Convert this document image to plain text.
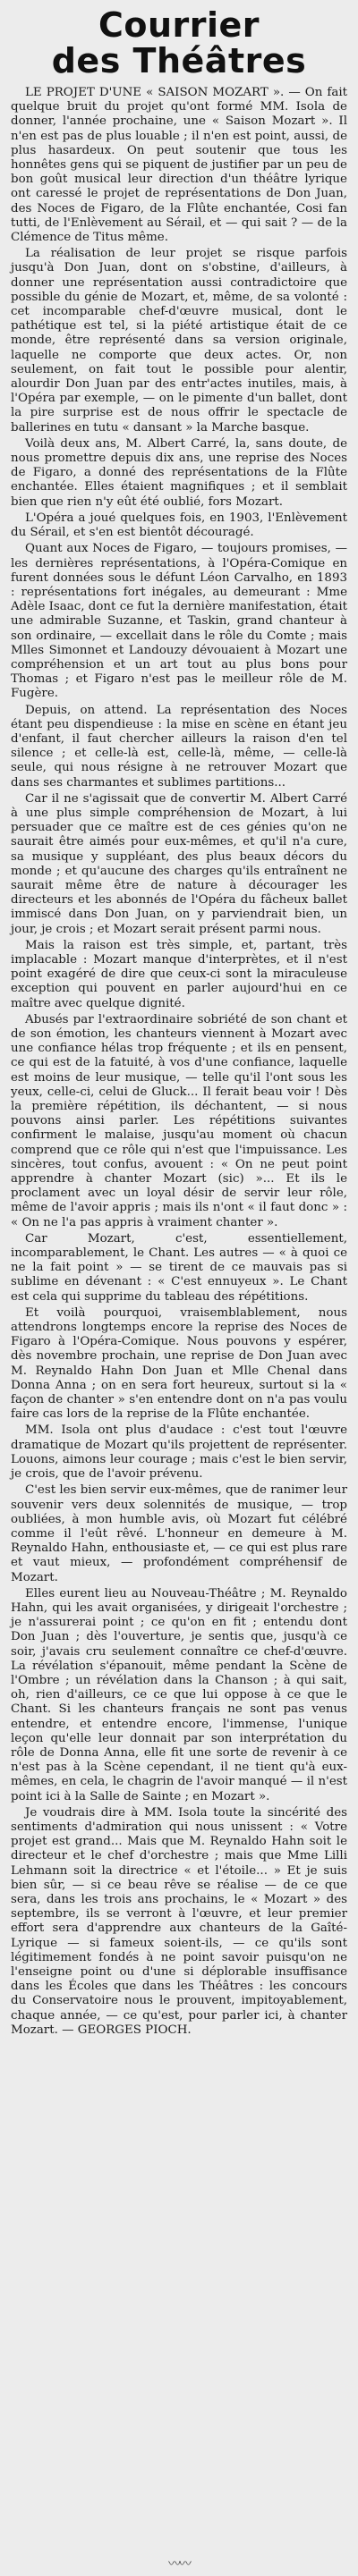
Courrier
des Théâtres

LE PROJET D'UNE « SAISON MOZART ». — On fait quelque bruit du projet qu'ont formé MM. Isola de donner, l'année prochaine, une « Saison Mozart ». Il n'en est pas de plus louable ; il n'en est point, aussi, de plus hasardeux. On peut soutenir que tous les honnêtes gens qui se piquent de justifier par un peu de bon goût musical leur direction d'un théâtre lyrique ont caressé le projet de représentations de Don Juan, des Noces de Figaro, de la Flûte enchantée, Cosi fan tutti, de l'Enlèvement au Sérail, et — qui sait ? — de la Clémence de Titus même.

La réalisation de leur projet se risque parfois jusqu'à Don Juan, dont on s'obstine, d'ailleurs, à donner une représentation aussi contradictoire que possible du génie de Mozart, et, même, de sa volonté : cet incomparable chef-d'œuvre musical, dont le pathétique est tel, si la piété artistique était de ce monde, être représenté dans sa version originale, laquelle ne comporte que deux actes. Or, non seulement, on fait tout le possible pour alentir, alourdir Don Juan par des entr'actes inutiles, mais, à l'Opéra par exemple, — on le pimente d'un ballet, dont la pire surprise est de nous offrir le spectacle de ballerines en tutu « dansant » la Marche basque.

Voilà deux ans, M. Albert Carré, la, sans doute, de nous promettre depuis dix ans, une reprise des Noces de Figaro, a donné des représentations de la Flûte enchantée. Elles étaient magnifiques ; et il semblait bien que rien n'y eût été oublié, fors Mozart.

L'Opéra a joué quelques fois, en 1903, l'Enlèvement du Sérail, et s'en est bientôt découragé.

Quant aux Noces de Figaro, — toujours promises, — les dernières représentations, à l'Opéra-Comique en furent données sous le défunt Léon Carvalho, en 1893 : représentations fort inégales, au demeurant : Mme Adèle Isaac, dont ce fut la dernière manifestation, était une admirable Suzanne, et Taskin, grand chanteur à son ordinaire, — excellait dans le rôle du Comte ; mais Mlles Simonnet et Landouzy dévouaient à Mozart une compréhension et un art tout au plus bons pour Thomas ; et Figaro n'est pas le meilleur rôle de M. Fugère.

Depuis, on attend. La représentation des Noces étant peu dispendieuse : la mise en scène en étant jeu d'enfant, il faut chercher ailleurs la raison d'en tel silence ; et celle-là est, celle-là, même, — celle-là seule, qui nous résigne à ne retrouver Mozart que dans ses charmantes et sublimes partitions...

Car il ne s'agissait que de convertir M. Albert Carré à une plus simple compréhension de Mozart, à lui persuader que ce maître est de ces génies qu'on ne saurait être aimés pour eux-mêmes, et qu'il n'a cure, sa musique y suppléant, des plus beaux décors du monde ; et qu'aucune des charges qu'ils entraînent ne saurait même être de nature à décourager les directeurs et les abonnés de l'Opéra du fâcheux ballet immiscé dans Don Juan, on y parviendrait bien, un jour, je crois ; et Mozart serait présent parmi nous.

Mais la raison est très simple, et, partant, très implacable : Mozart manque d'interprètes, et il n'est point exagéré de dire que ceux-ci sont la miraculeuse exception qui pouvent en parler aujourd'hui en ce maître avec quelque dignité.

Abusés par l'extraordinaire sobriété de son chant et de son émotion, les chanteurs viennent à Mozart avec une confiance hélas trop fréquente ; et ils en pensent, ce qui est de la fatuité, à vos d'une confiance, laquelle est moins de leur musique, — telle qu'il l'ont sous les yeux, celle-ci, celui de Gluck... Il ferait beau voir ! Dès la première répétition, ils déchantent, — si nous pouvons ainsi parler. Les répétitions suivantes confirment le malaise, jusqu'au moment où chacun comprend que ce rôle qui n'est que l'impuissance. Les sincères, tout confus, avouent : « On ne peut point apprendre à chanter Mozart (sic) »... Et ils le proclament avec un loyal désir de servir leur rôle, même de l'avoir appris ; mais ils n'ont « il faut donc » : « On ne l'a pas appris à vraiment chanter ».

Car Mozart, c'est, essentiellement, incomparablement, le Chant. Les autres — « à quoi ce ne la fait point » — se tirent de ce mauvais pas si sublime en dévenant : « C'est ennuyeux ». Le Chant est cela qui supprime du tableau des répétitions.

Et voilà pourquoi, vraisemblablement, nous attendrons longtemps encore la reprise des Noces de Figaro à l'Opéra-Comique. Nous pouvons y espérer, dès novembre prochain, une reprise de Don Juan avec M. Reynaldo Hahn Don Juan et Mlle Chenal dans Donna Anna ; on en sera fort heureux, surtout si la « façon de chanter » s'en entendre dont on n'a pas voulu faire cas lors de la reprise de la Flûte enchantée.

MM. Isola ont plus d'audace : c'est tout l'œuvre dramatique de Mozart qu'ils projettent de représenter. Louons, aimons leur courage ; mais c'est le bien servir, je crois, que de l'avoir prévenu.

C'est les bien servir eux-mêmes, que de ranimer leur souvenir vers deux solennités de musique, — trop oubliées, à mon humble avis, où Mozart fut célébré comme il l'eût rêvé. L'honneur en demeure à M. Reynaldo Hahn, enthousiaste et, — ce qui est plus rare et vaut mieux, — profondément compréhensif de Mozart.

Elles eurent lieu au Nouveau-Théâtre ; M. Reynaldo Hahn, qui les avait organisées, y dirigeait l'orchestre ; je n'assurerai point ; ce qu'on en fit ; entendu dont Don Juan ; dès l'ouverture, je sentis que, jusqu'à ce soir, j'avais cru seulement connaître ce chef-d'œuvre. La révélation s'épanouit, même pendant la Scène de l'Ombre ; un révélation dans la Chanson ; à qui sait, oh, rien d'ailleurs, ce ce que lui oppose à ce que le Chant. Si les chanteurs français ne sont pas venus entendre, et entendre encore, l'immense, l'unique leçon qu'elle leur donnait par son interprétation du rôle de Donna Anna, elle fit une sorte de revenir à ce n'est pas à la Scène cependant, il ne tient qu'à eux-mêmes, en cela, le chagrin de l'avoir manqué — il n'est point ici à la Salle de Sainte ; en Mozart ».

Je voudrais dire à MM. Isola toute la sincérité des sentiments d'admiration qui nous unissent : « Votre projet est grand... Mais que M. Reynaldo Hahn soit le directeur et le chef d'orchestre ; mais que Mme Lilli Lehmann soit la directrice « et l'étoile... » Et je suis bien sûr, — si ce beau rêve se réalise — de ce que sera, dans les trois ans prochains, le « Mozart » des septembre, ils se verront à l'œuvre, et leur premier effort sera d'apprendre aux chanteurs de la Gaîté-Lyrique — si fameux soient-ils, — ce qu'ils sont légitimement fondés à ne point savoir puisqu'on ne l'enseigne point ou d'une si déplorable insuffisance dans les Écoles que dans les Théâtres : les concours du Conservatoire nous le prouvent, impitoyablement, chaque année, — ce qu'est, pour parler ici, à chanter Mozart. — GEORGES PIOCH.

〰〰
